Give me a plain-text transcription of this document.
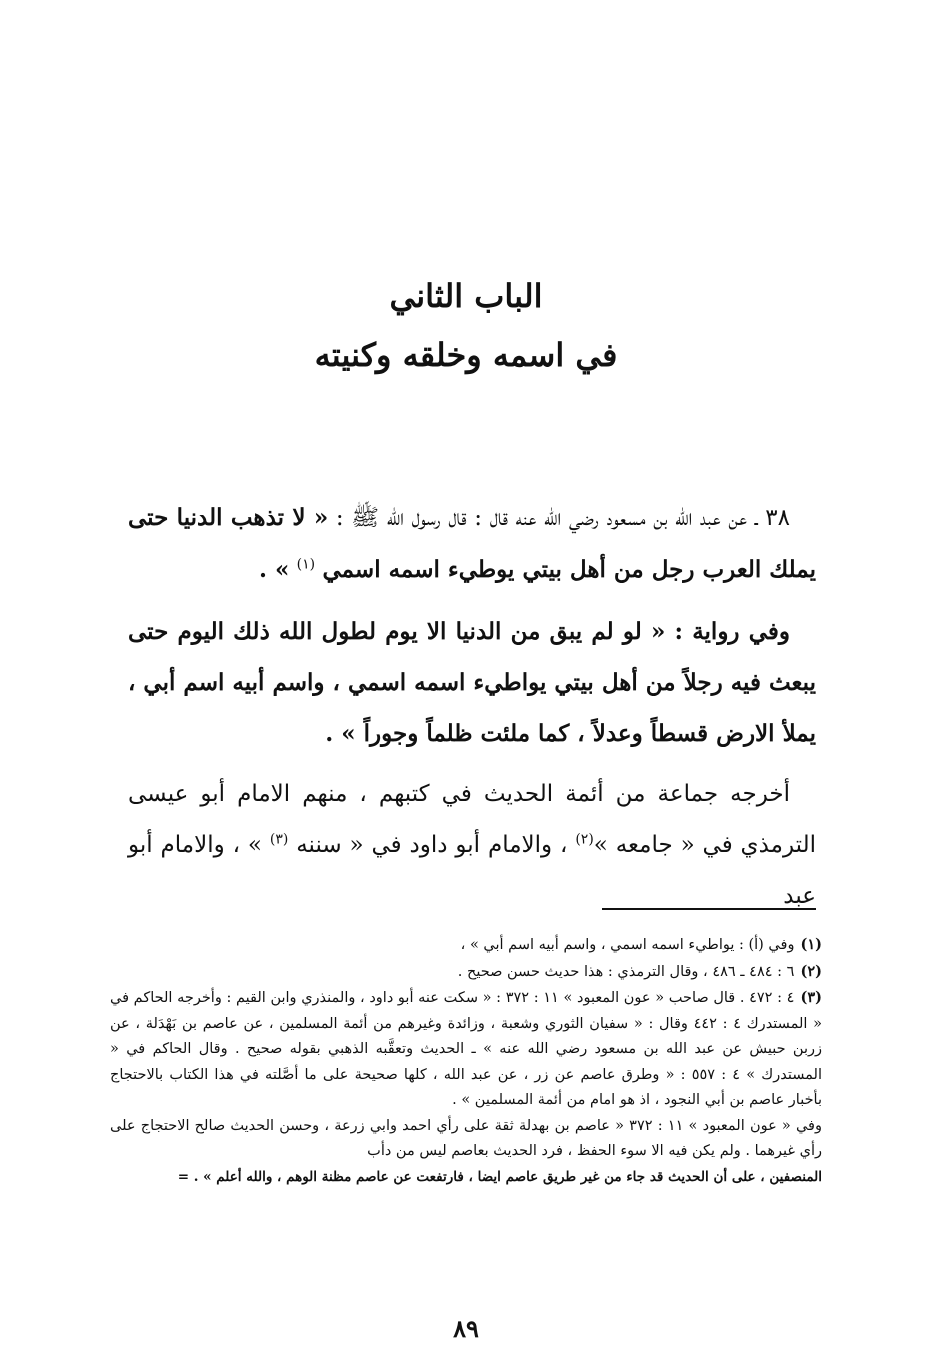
الباب الثاني
في اسمه وخلقه وكنيته

٣٨ ـ عن عبد الله بن مسعود رضي الله عنه قال : قال رسول الله ﷺ : « لا تذهب الدنيا حتى يملك العرب رجل من أهل بيتي يوطيء اسمه اسمي $^{(١)}$ » .

وفي رواية : « لو لم يبق من الدنيا الا يوم لطول الله ذلك اليوم حتى يبعث فيه رجلاً من أهل بيتي يواطيء اسمه اسمي ، واسم أبيه اسم أبي ، يملأ الارض قسطاً وعدلاً ، كما ملئت ظلماً وجوراً » .

أخرجه جماعة من أئمة الحديث في كتبهم ، منهم الامام أبو عيسى الترمذي في « جامعه »$^{(٢)}$ ، والامام أبو داود في « سننه $^{(٣)}$ » ، والامام أبو عبد

(١)وفي (أ) : يواطيء اسمه اسمي ، واسم أبيه اسم أبي » ،

(٢)٦ : ٤٨٤ ـ ٤٨٦ ، وقال الترمذي : هذا حديث حسن صحيح .

(٣)٤ : ٤٧٢ . قال صاحب « عون المعبود » ١١ : ٣٧٢ : « سكت عنه أبو داود ، والمنذري وابن القيم : وأخرجه الحاكم في « المستدرك ٤ : ٤٤٢ وقال : « سفيان الثوري وشعبة ، وزائدة وغيرهم من أئمة المسلمين ، عن عاصم بن بَهْدَلة ، عن زربن حبيش عن عبد الله بن مسعود رضي الله عنه » ـ الحديث وتعقَّبه الذهبي بقوله صحيح . وقال الحاكم في « المستدرك » ٤ : ٥٥٧ : « وطرق عاصم عن زر ، عن عبد الله ، كلها صحيحة على ما أصَّلته في هذا الكتاب بالاحتجاج بأخبار عاصم بن أبي النجود ، اذ هو امام من أئمة المسلمين » .

وفي « عون المعبود » ١١ : ٣٧٢ « عاصم بن بهدلة ثقة على رأي احمد وابي زرعة ، وحسن الحديث صالح الاحتجاج على رأي غيرهما . ولم يكن فيه الا سوء الحفظ ، فرد الحديث بعاصم ليس من دأب

المنصفين ، على أن الحديث قد جاء من غير طريق عاصم ايضا ، فارتفعت عن عاصم مظنة الوهم ، والله أعلم » . =

٨٩
